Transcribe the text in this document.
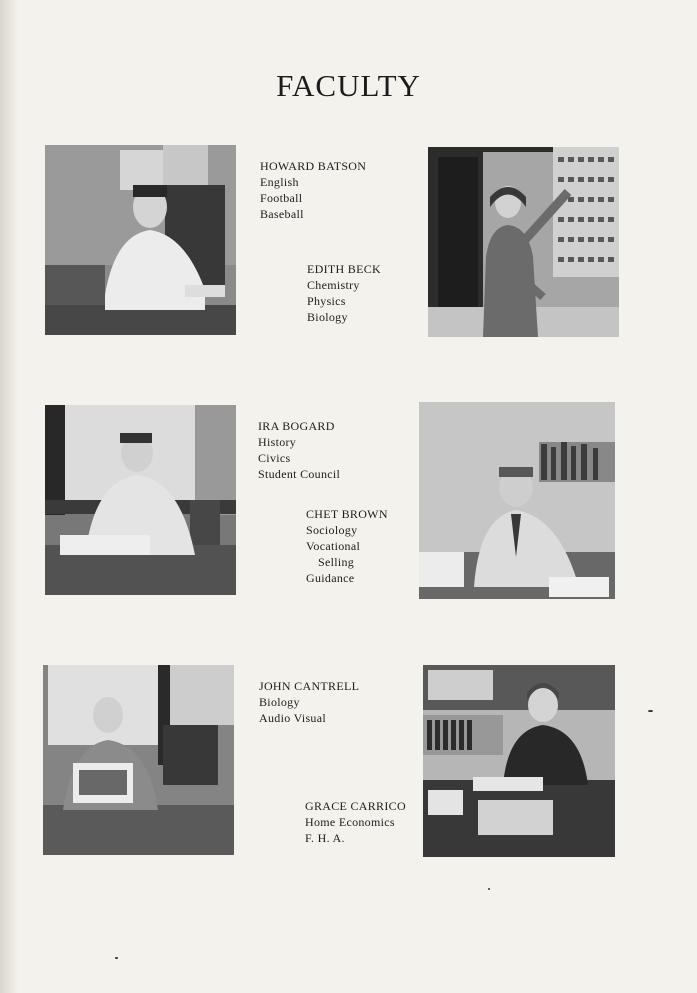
FACULTY
HOWARD BATSON
English
Football
Baseball
EDITH BECK
Chemistry
Physics
Biology
IRA BOGARD
History
Civics
Student Council
CHET BROWN
Sociology
Vocational
Selling
Guidance
JOHN CANTRELL
Biology
Audio Visual
GRACE CARRICO
Home Economics
F. H. A.
